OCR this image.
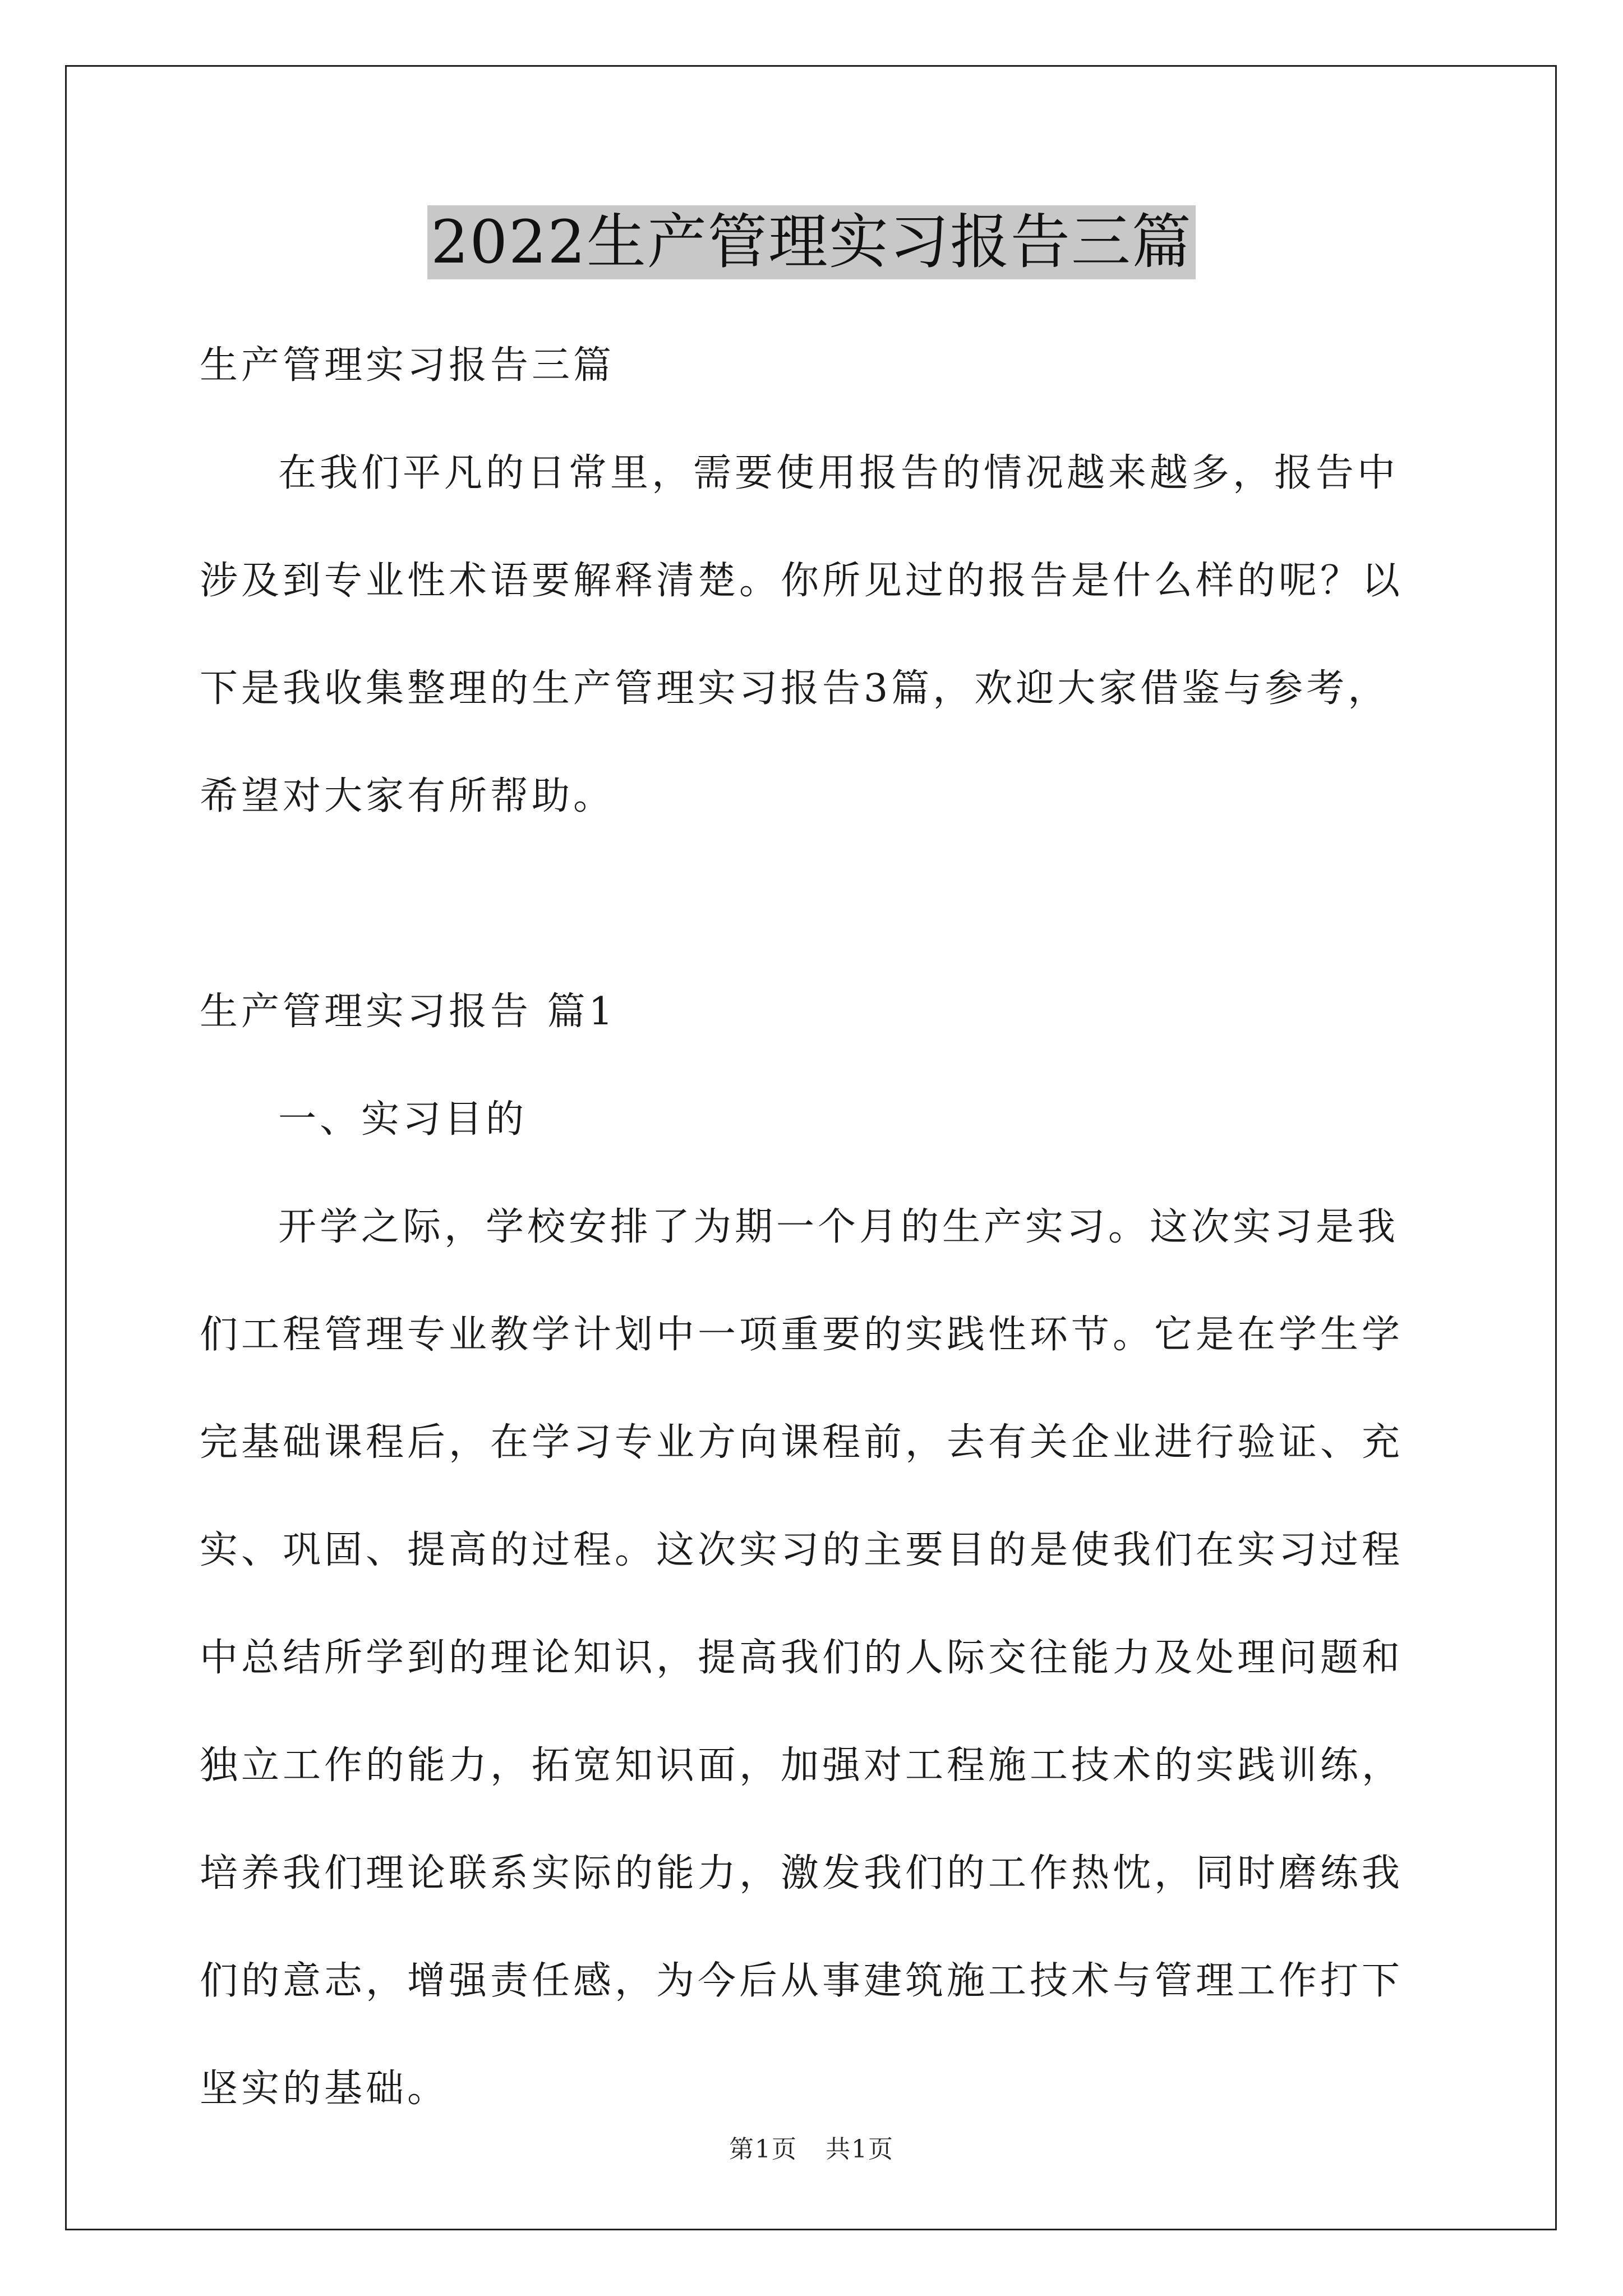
2022生产管理实习报告三篇

生产管理实习报告三篇

在我们平凡的日常里，需要使用报告的情况越来越多，报告中涉及到专业性术语要解释清楚。你所见过的报告是什么样的呢？以下是我收集整理的生产管理实习报告3篇，欢迎大家借鉴与参考，希望对大家有所帮助。

生产管理实习报告 篇1

一、实习目的

开学之际，学校安排了为期一个月的生产实习。这次实习是我们工程管理专业教学计划中一项重要的实践性环节。它是在学生学完基础课程后，在学习专业方向课程前，去有关企业进行验证、充实、巩固、提高的过程。这次实习的主要目的是使我们在实习过程中总结所学到的理论知识，提高我们的人际交往能力及处理问题和独立工作的能力，拓宽知识面，加强对工程施工技术的实践训练，培养我们理论联系实际的能力，激发我们的工作热忱，同时磨练我们的意志，增强责任感，为今后从事建筑施工技术与管理工作打下坚实的基础。

第1页 共1页
